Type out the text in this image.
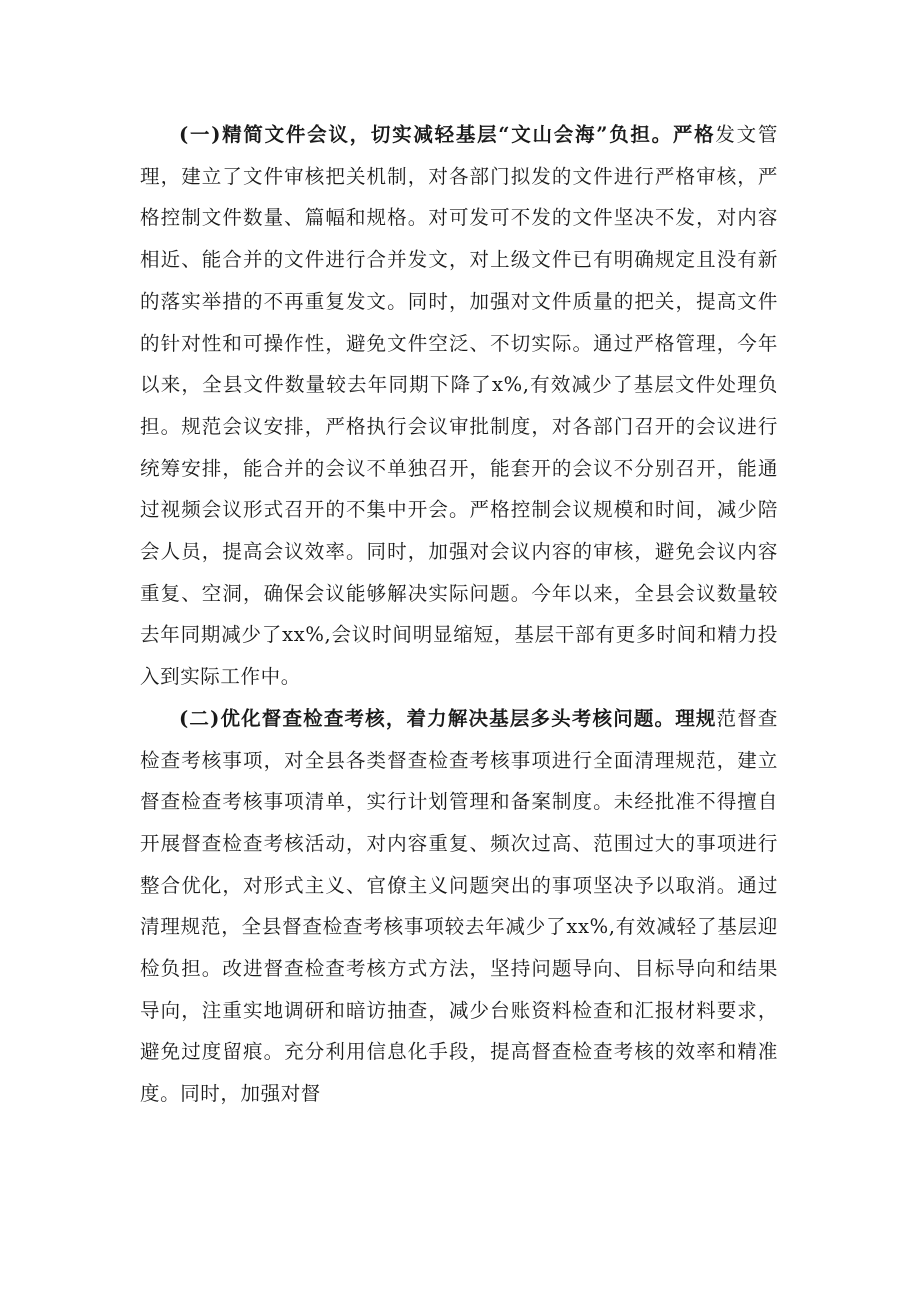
(一)精简文件会议，切实减轻基层“文山会海”负担。严格发文管理，建立了文件审核把关机制，对各部门拟发的文件进行严格审核，严格控制文件数量、篇幅和规格。对可发可不发的文件坚决不发，对内容相近、能合并的文件进行合并发文，对上级文件已有明确规定且没有新的落实举措的不再重复发文。同时，加强对文件质量的把关，提高文件的针对性和可操作性，避免文件空泛、不切实际。通过严格管理，今年以来，全县文件数量较去年同期下降了x%,有效减少了基层文件处理负担。规范会议安排，严格执行会议审批制度，对各部门召开的会议进行统筹安排，能合并的会议不单独召开，能套开的会议不分别召开，能通过视频会议形式召开的不集中开会。严格控制会议规模和时间，减少陪会人员，提高会议效率。同时，加强对会议内容的审核，避免会议内容重复、空洞，确保会议能够解决实际问题。今年以来，全县会议数量较去年同期减少了xx%,会议时间明显缩短，基层干部有更多时间和精力投入到实际工作中。

(二)优化督查检查考核，着力解决基层多头考核问题。理规范督查检查考核事项，对全县各类督查检查考核事项进行全面清理规范，建立督查检查考核事项清单，实行计划管理和备案制度。未经批准不得擅自开展督查检查考核活动，对内容重复、频次过高、范围过大的事项进行整合优化，对形式主义、官僚主义问题突出的事项坚决予以取消。通过清理规范，全县督查检查考核事项较去年减少了xx%,有效减轻了基层迎检负担。改进督查检查考核方式方法，坚持问题导向、目标导向和结果导向，注重实地调研和暗访抽查，减少台账资料检查和汇报材料要求，避免过度留痕。充分利用信息化手段，提高督查检查考核的效率和精准度。同时，加强对督
